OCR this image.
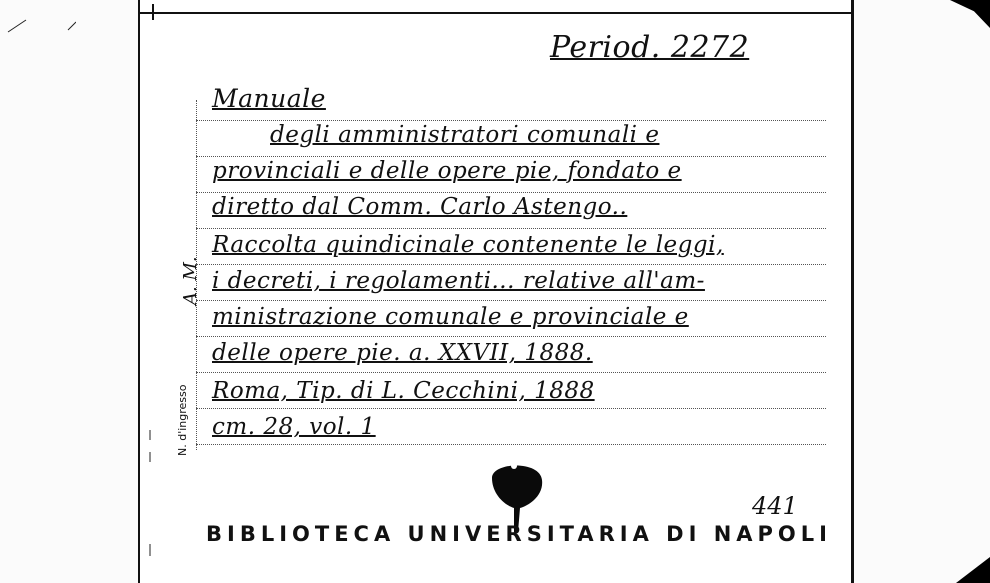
Period. 2272
A. M.
N. d'ingresso
Manuale
degli amministratori comunali e
provinciali e delle opere pie, fondato e
diretto dal Comm. Carlo Astengo..
Raccolta quindicinale contenente le leggi,
i decreti, i regolamenti... relative all'am-
ministrazione comunale e provinciale e
delle opere pie. a. XXVII, 1888.
Roma, Tip. di L. Cecchini, 1888
cm. 28, vol. 1
441
BIBLIOTECA UNIVERSITARIA DI NAPOLI
